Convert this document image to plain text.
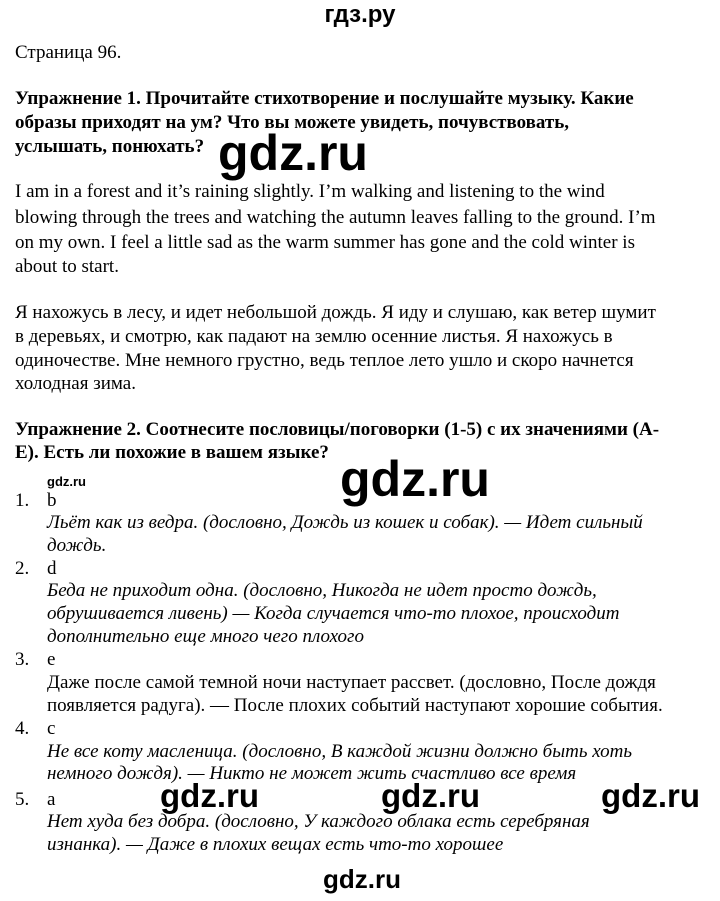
гдз.ру
Страница 96.
Упражнение 1. Прочитайте стихотворение и послушайте музыку. Какие
образы приходят на ум? Что вы можете увидеть, почувствовать,
услышать, понюхать? gdz.ru
I am in a forest and it’s raining slightly. I’m walking and listening to the wind
blowing through the trees and watching the autumn leaves falling to the ground. I’m
on my own. I feel a little sad as the warm summer has gone and the cold winter is
about to start.
Я нахожусь в лесу, и идет небольшой дождь. Я иду и слушаю, как ветер шумит
в деревьях, и смотрю, как падают на землю осенние листья. Я нахожусь в
одиночестве. Мне немного грустно, ведь теплое лето ушло и скоро начнется
холодная зима.
Упражнение 2. Соотнесите пословицы/поговорки (1-5) с их значениями (А-
Е). Есть ли похожие в вашем языке? gdz.ru
gdz.ru
1. b
Льёт как из ведра. (дословно, Дождь из кошек и собак). — Идет сильный
дождь.
2. d
Беда не приходит одна. (дословно, Никогда не идет просто дождь,
обрушивается ливень) — Когда случается что-то плохое, происходит
дополнительно еще много чего плохого
3. e
Даже после самой темной ночи наступает рассвет. (дословно, После дождя
появляется радуга). — После плохих событий наступают хорошие события.
4. c
Не все коту масленица. (дословно, В каждой жизни должно быть хоть
немного дождя). — Никто не может жить счастливо все время
gdz.ru	gdz.ru	gdz.ru
5. a
Нет худа без добра. (дословно, У каждого облака есть серебряная
изнанка). — Даже в плохих вещах есть что-то хорошее
gdz.ru
